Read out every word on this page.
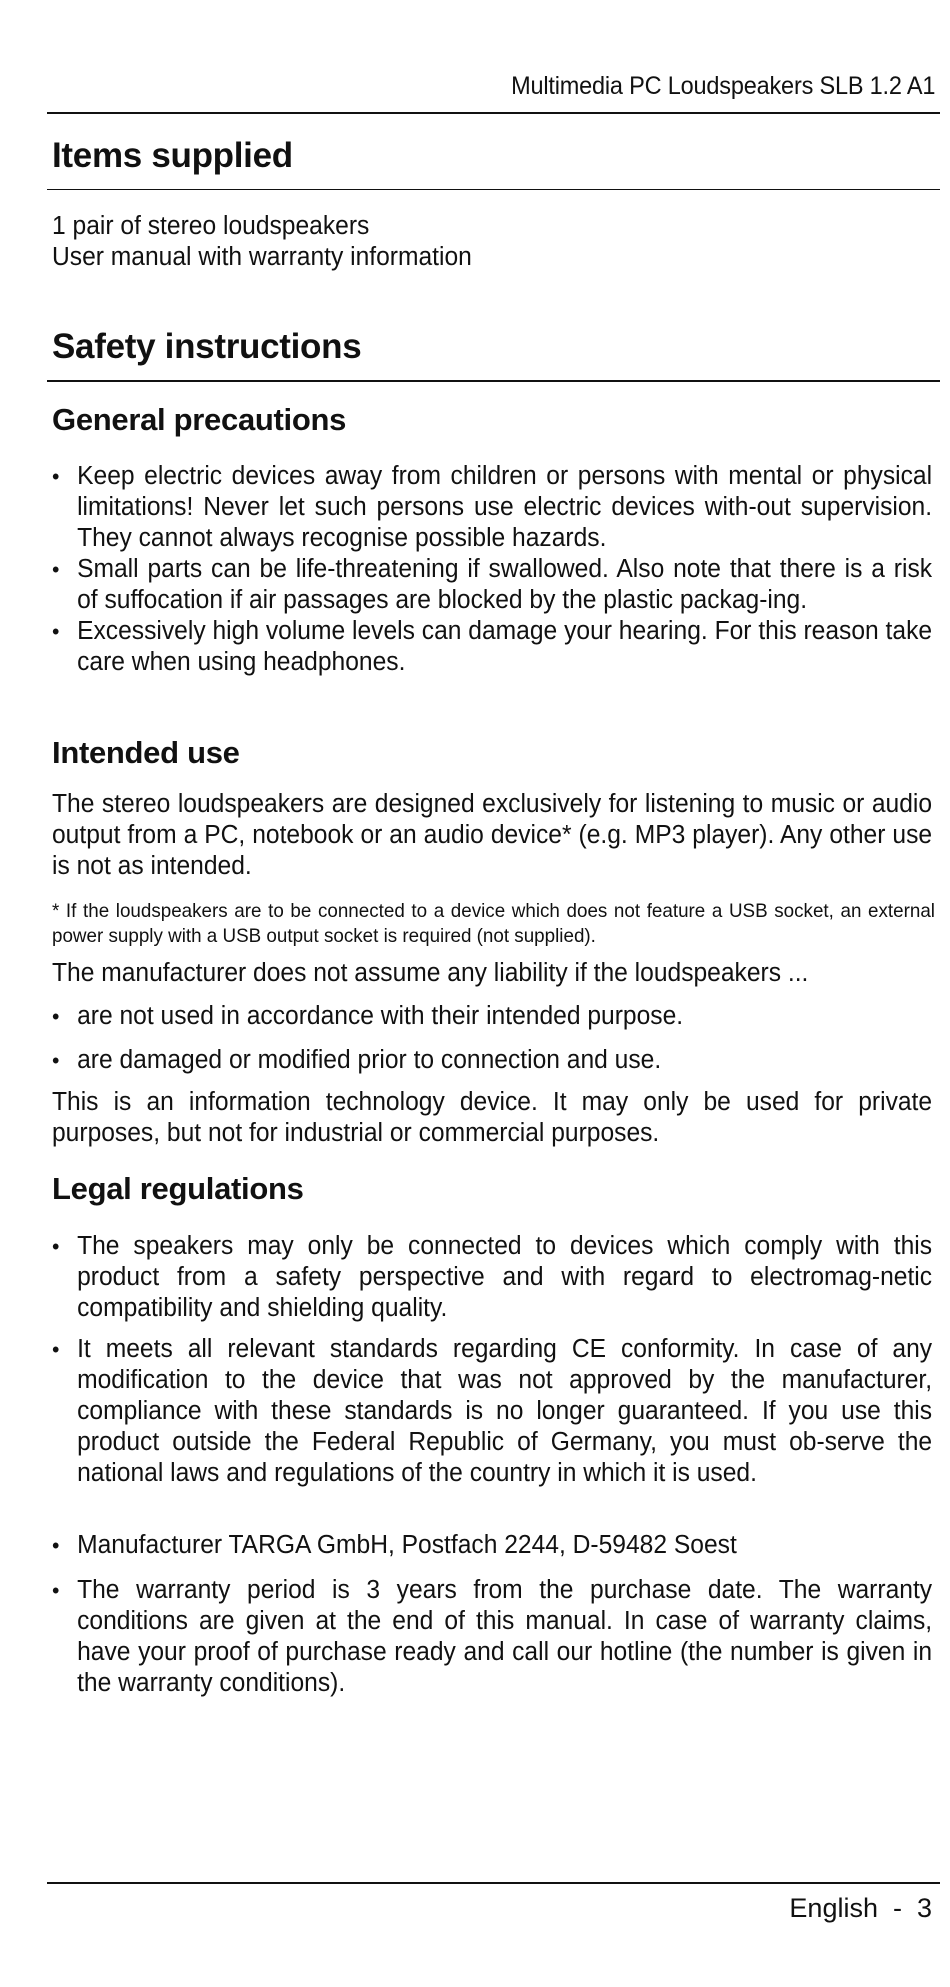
Multimedia PC Loudspeakers SLB 1.2 A1
Items supplied
1 pair of stereo loudspeakers
User manual with warranty information
Safety instructions
General precautions
• Keep electric devices away from children or persons with mental or physical limitations! Never let such persons use electric devices with-out supervision. They cannot always recognise possible hazards.
• Small parts can be life-threatening if swallowed. Also note that there is a risk of suffocation if air passages are blocked by the plastic packag-ing.
• Excessively high volume levels can damage your hearing. For this reason take care when using headphones.
Intended use
The stereo loudspeakers are designed exclusively for listening to music or audio output from a PC, notebook or an audio device* (e.g. MP3 player). Any other use is not as intended.
* If the loudspeakers are to be connected to a device which does not feature a USB socket, an external power supply with a USB output socket is required (not supplied).
The manufacturer does not assume any liability if the loudspeakers ...
• are not used in accordance with their intended purpose.
• are damaged or modified prior to connection and use.
This is an information technology device. It may only be used for private purposes, but not for industrial or commercial purposes.
Legal regulations
• The speakers may only be connected to devices which comply with this product from a safety perspective and with regard to electromag-netic compatibility and shielding quality.
• It meets all relevant standards regarding CE conformity. In case of any modification to the device that was not approved by the manufacturer, compliance with these standards is no longer guaranteed. If you use this product outside the Federal Republic of Germany, you must ob-serve the national laws and regulations of the country in which it is used.
• Manufacturer TARGA GmbH, Postfach 2244, D-59482 Soest
• The warranty period is 3 years from the purchase date. The warranty conditions are given at the end of this manual. In case of warranty claims, have your proof of purchase ready and call our hotline (the number is given in the warranty conditions).
English  -  3
